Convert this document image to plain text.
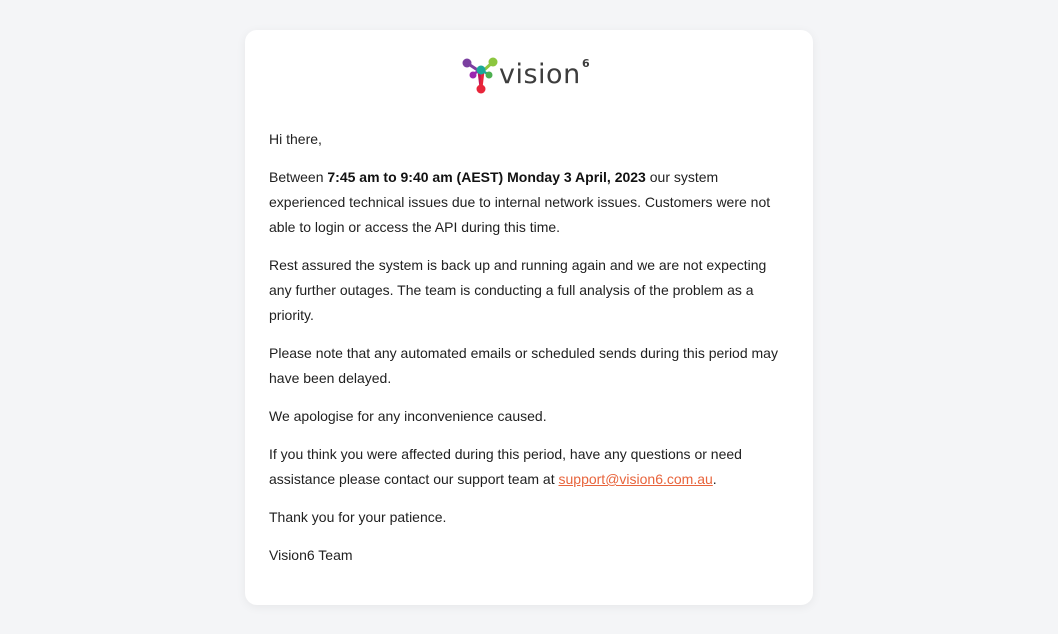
vision 6

Hi there,

Between 7:45 am to 9:40 am (AEST) Monday 3 April, 2023 our system experienced technical issues due to internal network issues. Customers were not able to login or access the API during this time.

Rest assured the system is back up and running again and we are not expecting any further outages. The team is conducting a full analysis of the problem as a priority.

Please note that any automated emails or scheduled sends during this period may have been delayed.

We apologise for any inconvenience caused.

If you think you were affected during this period, have any questions or need assistance please contact our support team at support@vision6.com.au.

Thank you for your patience.

Vision6 Team
